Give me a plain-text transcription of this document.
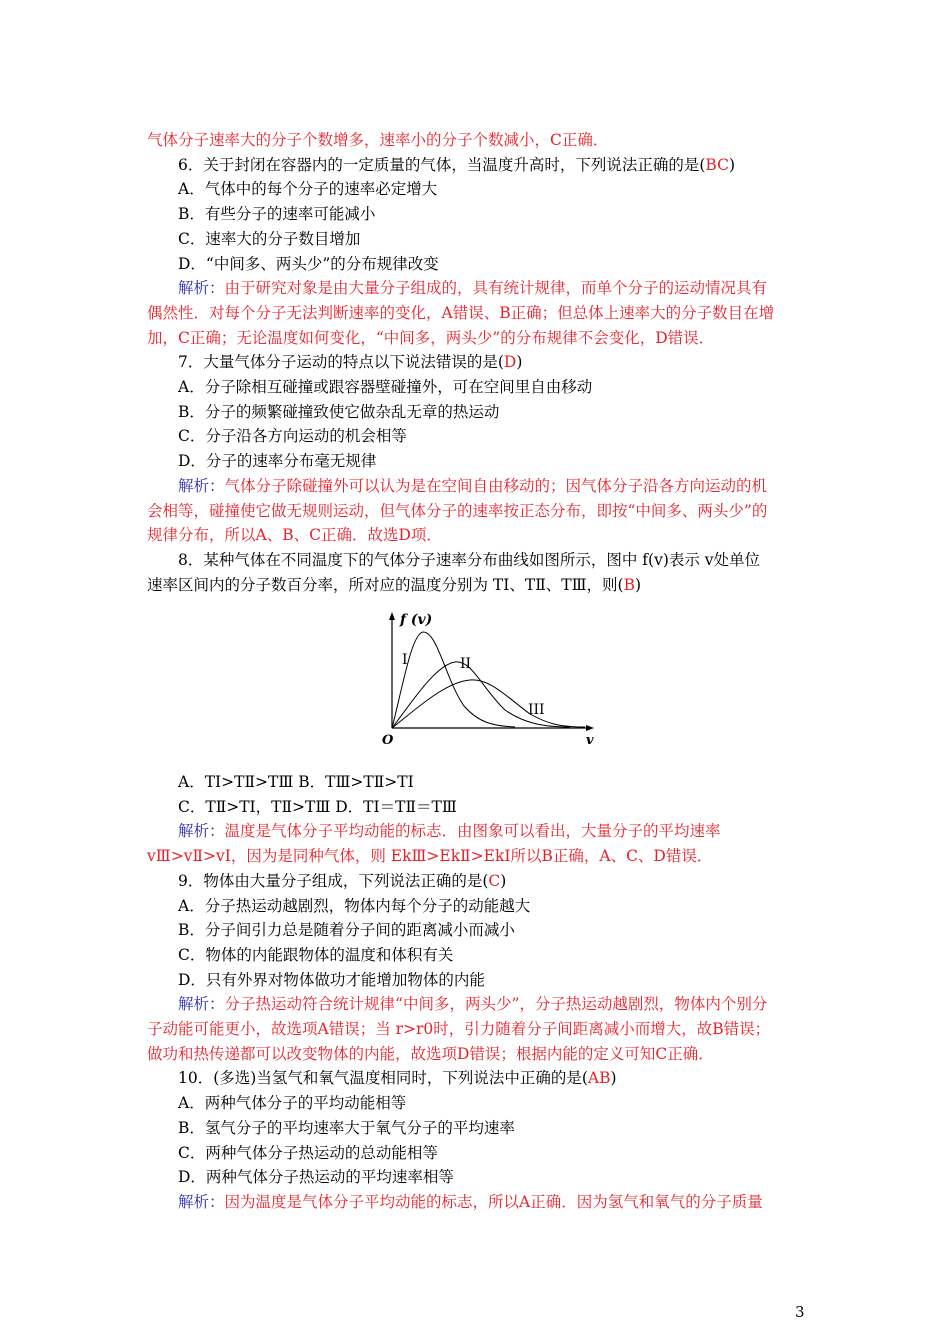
气体分子速率大的分子个数增多，速率小的分子个数减小，C正确．
6．关于封闭在容器内的一定质量的气体，当温度升高时，下列说法正确的是(BC)
A．气体中的每个分子的速率必定增大
B．有些分子的速率可能减小
C．速率大的分子数目增加
D．“中间多、两头少”的分布规律改变
解析：由于研究对象是由大量分子组成的，具有统计规律，而单个分子的运动情况具有
偶然性．对每个分子无法判断速率的变化，A错误、B正确；但总体上速率大的分子数目在增
加，C正确；无论温度如何变化，“中间多，两头少”的分布规律不会变化，D错误．
7．大量气体分子运动的特点以下说法错误的是(D)
A．分子除相互碰撞或跟容器壁碰撞外，可在空间里自由移动
B．分子的频繁碰撞致使它做杂乱无章的热运动
C．分子沿各方向运动的机会相等
D．分子的速率分布毫无规律
解析：气体分子除碰撞外可以认为是在空间自由移动的；因气体分子沿各方向运动的机
会相等，碰撞使它做无规则运动，但气体分子的速率按正态分布，即按“中间多、两头少”的
规律分布，所以A、B、C正确．故选D项．
8．某种气体在不同温度下的气体分子速率分布曲线如图所示，图中 f(v)表示 v处单位
速率区间内的分子数百分率，所对应的温度分别为 TⅠ、TⅡ、TⅢ，则(B)
A．TⅠ>TⅡ>TⅢ B．TⅢ>TⅡ>TⅠ
C．TⅡ>TⅠ，TⅡ>TⅢ D．TⅠ＝TⅡ＝TⅢ
解析：温度是气体分子平均动能的标志．由图象可以看出，大量分子的平均速率
vⅢ>vⅡ>vⅠ，因为是同种气体，则 EkⅢ>EkⅡ>EkⅠ所以B正确，A、C、D错误．
9．物体由大量分子组成，下列说法正确的是(C)
A．分子热运动越剧烈，物体内每个分子的动能越大
B．分子间引力总是随着分子间的距离减小而减小
C．物体的内能跟物体的温度和体积有关
D．只有外界对物体做功才能增加物体的内能
解析：分子热运动符合统计规律“中间多，两头少”，分子热运动越剧烈，物体内个别分
子动能可能更小，故选项A错误；当 r>r0时，引力随着分子间距离减小而增大，故B错误；
做功和热传递都可以改变物体的内能，故选项D错误；根据内能的定义可知C正确．
10．(多选)当氢气和氧气温度相同时，下列说法中正确的是(AB)
A．两种气体分子的平均动能相等
B．氢气分子的平均速率大于氧气分子的平均速率
C．两种气体分子热运动的总动能相等
D．两种气体分子热运动的平均速率相等
解析：因为温度是气体分子平均动能的标志，所以A正确．因为氢气和氧气的分子质量
f (v)
v
O
I	II
III
3
